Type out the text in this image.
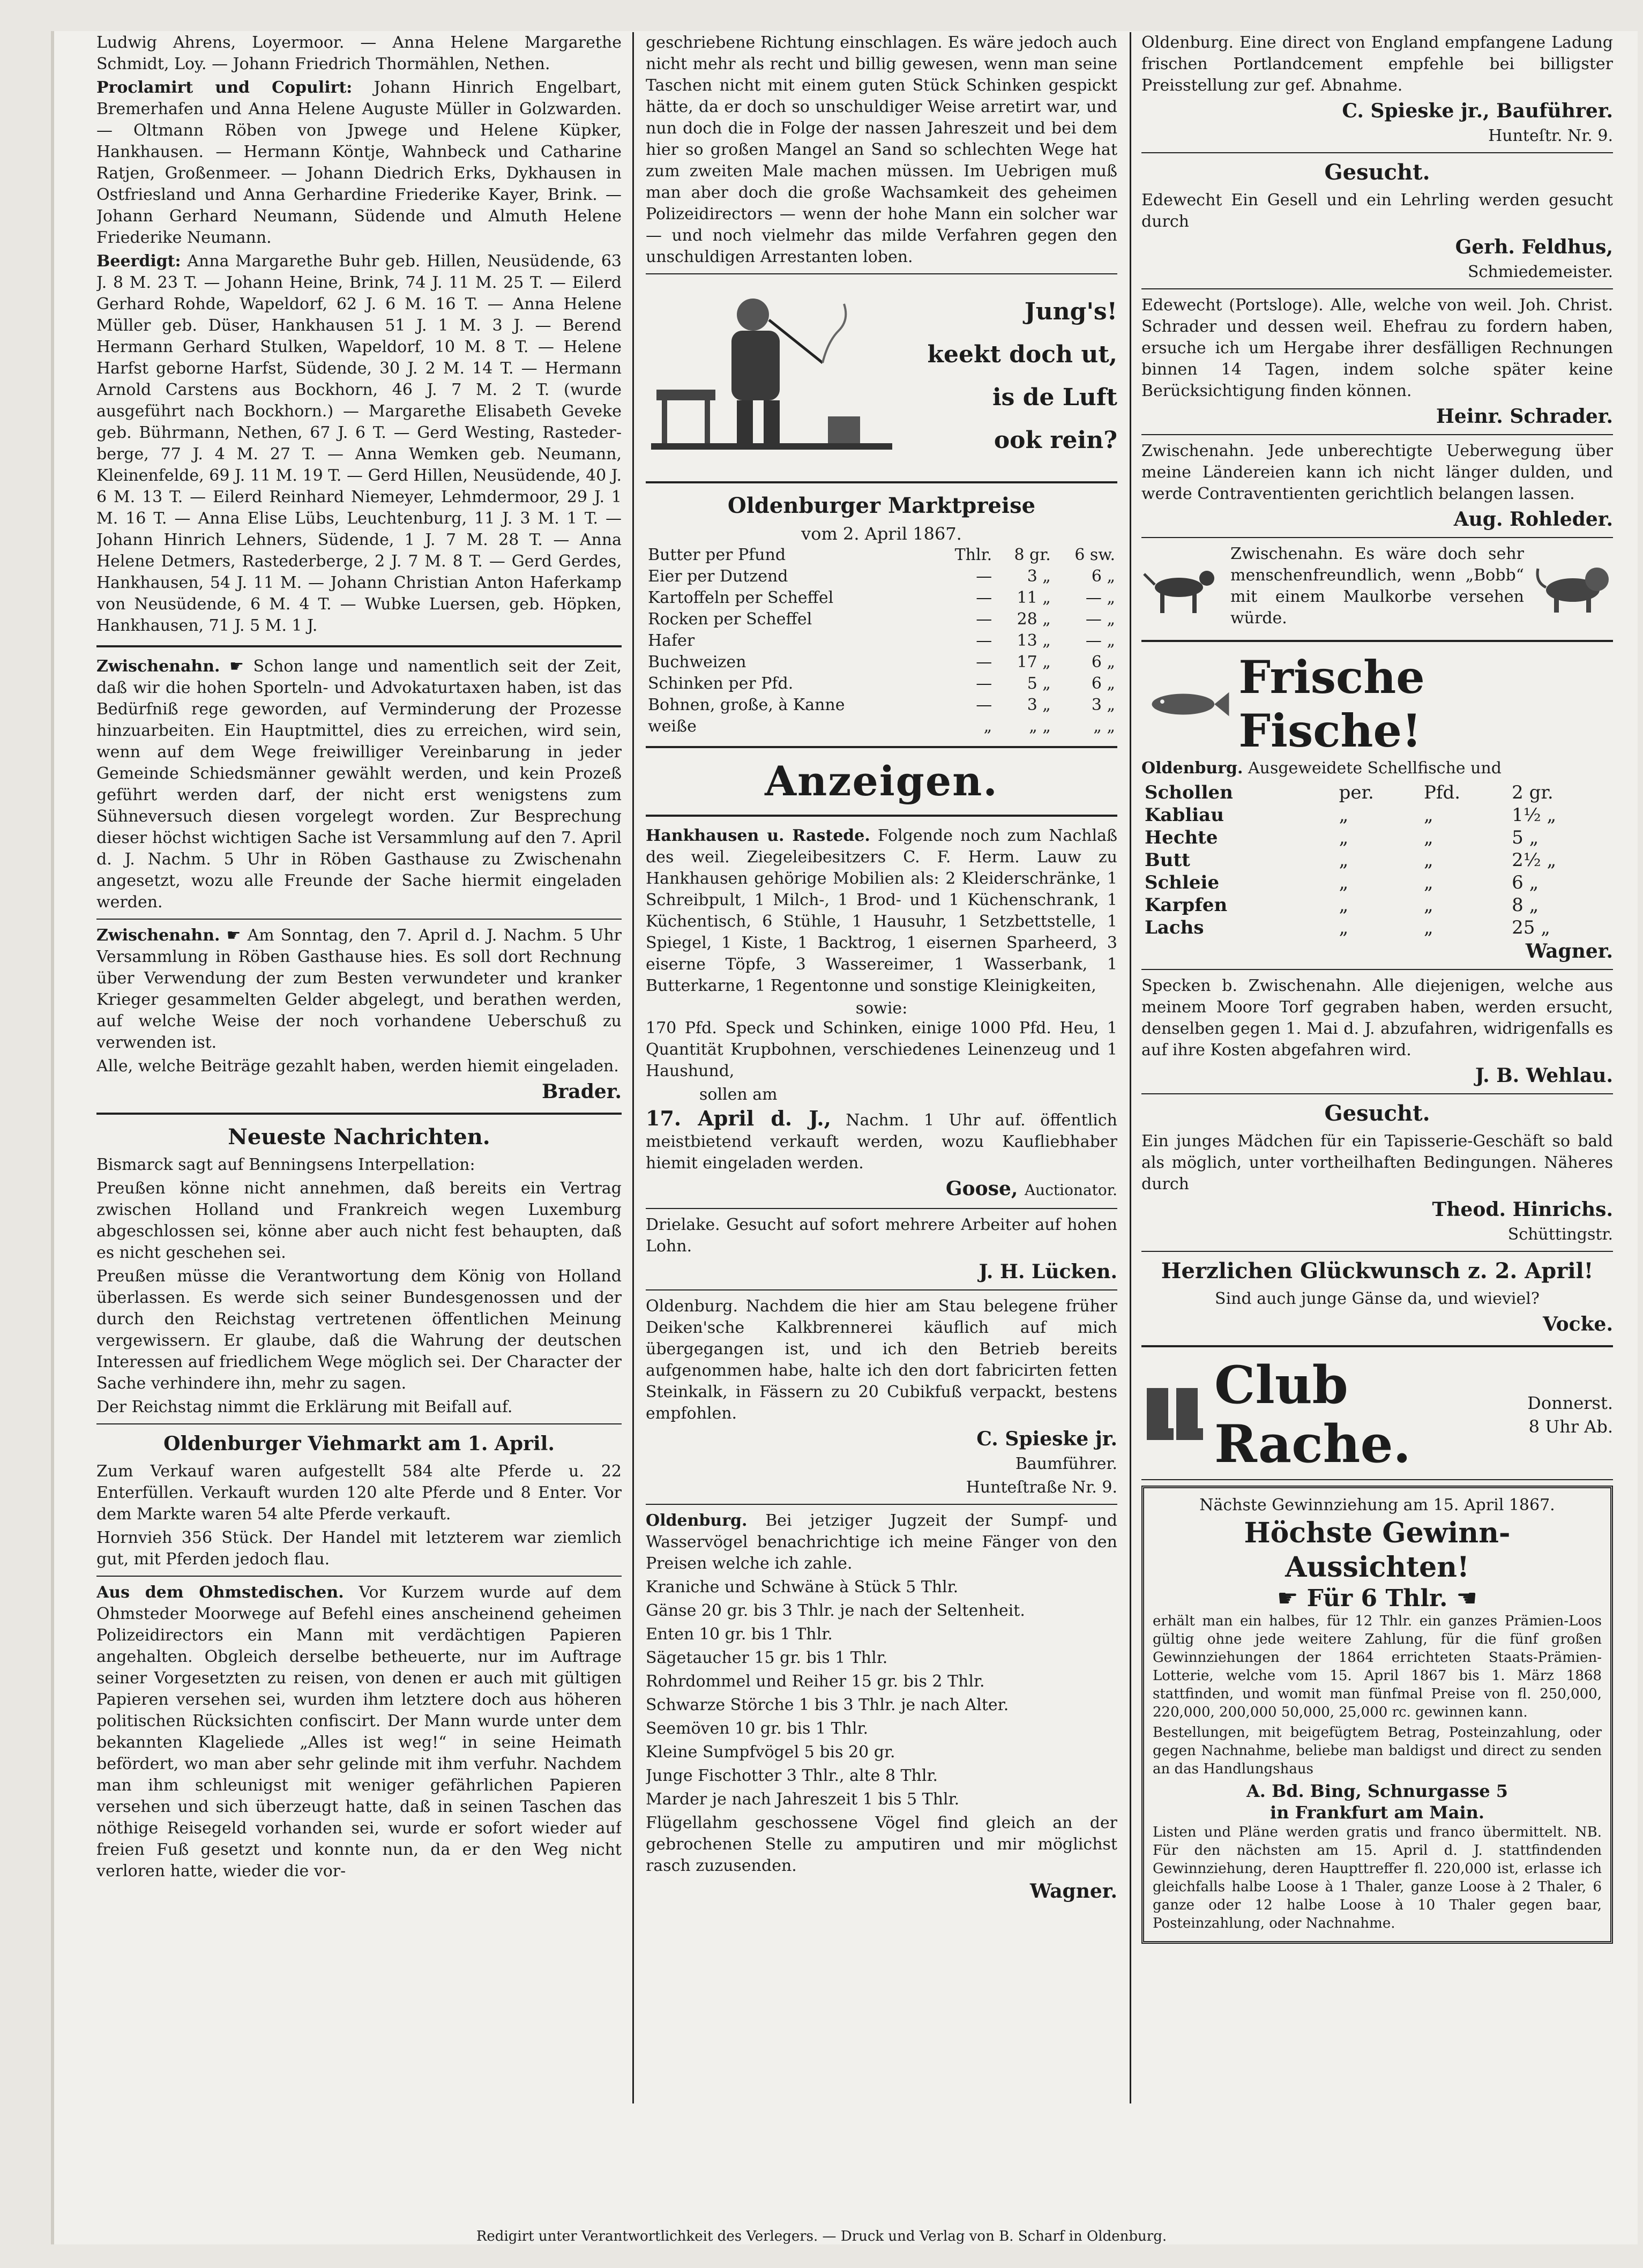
Ludwig Ahrens, Loyermoor. — Anna Helene Margarethe Schmidt, Loy. — Johann Friedrich Thormählen, Nethen.

Proclamirt und Copulirt: Johann Hinrich Engelbart, Bremerhafen und Anna Helene Auguste Müller in Golzwarden. — Oltmann Röben von Jpwege und Helene Küpker, Hankhausen. — Hermann Köntje, Wahnbeck und Catharine Ratjen, Großenmeer. — Johann Diedrich Erks, Dykhausen in Ostfriesland und Anna Gerhardine Friederike Kayer, Brink. — Johann Gerhard Neumann, Südende und Almuth Helene Friederike Neumann.

Beerdigt: Anna Margarethe Buhr geb. Hillen, Neusüdende, 63 J. 8 M. 23 T. — Johann Heine, Brink, 74 J. 11 M. 25 T. — Eilerd Gerhard Rohde, Wapeldorf, 62 J. 6 M. 16 T. — Anna Helene Müller geb. Düser, Hankhausen 51 J. 1 M. 3 J. — Berend Hermann Gerhard Stulken, Wapeldorf, 10 M. 8 T. — Helene Harfst geborne Harfst, Südende, 30 J. 2 M. 14 T. — Hermann Arnold Carstens aus Bockhorn, 46 J. 7 M. 2 T. (wurde ausgeführt nach Bockhorn.) — Margarethe Elisabeth Geveke geb. Bührmann, Nethen, 67 J. 6 T. — Gerd Westing, Rasteder-berge, 77 J. 4 M. 27 T. — Anna Wemken geb. Neumann, Kleinenfelde, 69 J. 11 M. 19 T. — Gerd Hillen, Neusüdende, 40 J. 6 M. 13 T. — Eilerd Reinhard Niemeyer, Lehmdermoor, 29 J. 1 M. 16 T. — Anna Elise Lübs, Leuchtenburg, 11 J. 3 M. 1 T. — Johann Hinrich Lehners, Südende, 1 J. 7 M. 28 T. — Anna Helene Detmers, Rastederberge, 2 J. 7 M. 8 T. — Gerd Gerdes, Hankhausen, 54 J. 11 M. — Johann Christian Anton Haferkamp von Neusüdende, 6 M. 4 T. — Wubke Luersen, geb. Höpken, Hankhausen, 71 J. 5 M. 1 J.

Zwischenahn. ☛ Schon lange und namentlich seit der Zeit, daß wir die hohen Sporteln- und Advokaturtaxen haben, ist das Bedürfniß rege geworden, auf Verminderung der Prozesse hinzuarbeiten. Ein Hauptmittel, dies zu erreichen, wird sein, wenn auf dem Wege freiwilliger Vereinbarung in jeder Gemeinde Schiedsmänner gewählt werden, und kein Prozeß geführt werden darf, der nicht erst wenigstens zum Sühneversuch diesen vorgelegt worden. Zur Besprechung dieser höchst wichtigen Sache ist Versammlung auf den 7. April d. J. Nachm. 5 Uhr in Röben Gasthause zu Zwischenahn angesetzt, wozu alle Freunde der Sache hiermit eingeladen werden.

Zwischenahn. ☛ Am Sonntag, den 7. April d. J. Nachm. 5 Uhr Versammlung in Röben Gasthause hies. Es soll dort Rechnung über Verwendung der zum Besten verwundeter und kranker Krieger gesammelten Gelder abgelegt, und berathen werden, auf welche Weise der noch vorhandene Ueberschuß zu verwenden ist.

Alle, welche Beiträge gezahlt haben, werden hiemit eingeladen.

Brader.

Neueste Nachrichten.

Bismarck sagt auf Benningsens Interpellation:

Preußen könne nicht annehmen, daß bereits ein Vertrag zwischen Holland und Frankreich wegen Luxemburg abgeschlossen sei, könne aber auch nicht fest behaupten, daß es nicht geschehen sei.

Preußen müsse die Verantwortung dem König von Holland überlassen. Es werde sich seiner Bundesgenossen und der durch den Reichstag vertretenen öffentlichen Meinung vergewissern. Er glaube, daß die Wahrung der deutschen Interessen auf friedlichem Wege möglich sei. Der Character der Sache verhindere ihn, mehr zu sagen.

Der Reichstag nimmt die Erklärung mit Beifall auf.

Oldenburger Viehmarkt am 1. April.

Zum Verkauf waren aufgestellt 584 alte Pferde u. 22 Enterfüllen. Verkauft wurden 120 alte Pferde und 8 Enter. Vor dem Markte waren 54 alte Pferde verkauft.

Hornvieh 356 Stück. Der Handel mit letzterem war ziemlich gut, mit Pferden jedoch flau.

Aus dem Ohmstedischen. Vor Kurzem wurde auf dem Ohmsteder Moorwege auf Befehl eines anscheinend geheimen Polizeidirectors ein Mann mit verdächtigen Papieren angehalten. Obgleich derselbe betheuerte, nur im Auftrage seiner Vorgesetzten zu reisen, von denen er auch mit gültigen Papieren versehen sei, wurden ihm letztere doch aus höheren politischen Rücksichten confiscirt. Der Mann wurde unter dem bekannten Klageliede „Alles ist weg!“ in seine Heimath befördert, wo man aber sehr gelinde mit ihm verfuhr. Nachdem man ihm schleunigst mit weniger gefährlichen Papieren versehen und sich überzeugt hatte, daß in seinen Taschen das nöthige Reisegeld vorhanden sei, wurde er sofort wieder auf freien Fuß gesetzt und konnte nun, da er den Weg nicht verloren hatte, wieder die vor-

geschriebene Richtung einschlagen. Es wäre jedoch auch nicht mehr als recht und billig gewesen, wenn man seine Taschen nicht mit einem guten Stück Schinken gespickt hätte, da er doch so unschuldiger Weise arretirt war, und nun doch die in Folge der nassen Jahreszeit und bei dem hier so großen Mangel an Sand so schlechten Wege hat zum zweiten Male machen müssen. Im Uebrigen muß man aber doch die große Wachsamkeit des geheimen Polizeidirectors — wenn der hohe Mann ein solcher war — und noch vielmehr das milde Verfahren gegen den unschuldigen Arrestanten loben.

Jung's!
keekt doch ut,
is de Luft
ook rein?
Oldenburger Marktpreise
vom 2. April 1867.
Butter per Pfund	Thlr.	8 gr.	6 sw.
Eier per Dutzend	—	3 „	6 „
Kartoffeln per Scheffel	—	11 „	— „
Rocken per Scheffel	—	28 „	— „
Hafer	—	13 „	— „
Buchweizen	—	17 „	6 „
Schinken per Pfd.	—	5 „	6 „
Bohnen, große, à Kanne	—	3 „	3 „
weiße	„	„ „	„ „
Anzeigen.

Hankhausen u. Rastede. Folgende noch zum Nachlaß des weil. Ziegeleibesitzers C. F. Herm. Lauw zu Hankhausen gehörige Mobilien als: 2 Kleiderschränke, 1 Schreibpult, 1 Milch-, 1 Brod- und 1 Küchenschrank, 1 Küchentisch, 6 Stühle, 1 Hausuhr, 1 Setzbettstelle, 1 Spiegel, 1 Kiste, 1 Backtrog, 1 eisernen Sparheerd, 3 eiserne Töpfe, 3 Wassereimer, 1 Wasserbank, 1 Butterkarne, 1 Regentonne und sonstige Kleinigkeiten,

sowie:

170 Pfd. Speck und Schinken, einige 1000 Pfd. Heu, 1 Quantität Krupbohnen, verschiedenes Leinenzeug und 1 Haushund,

sollen am

17. April d. J., Nachm. 1 Uhr auf. öffentlich meistbietend verkauft werden, wozu Kaufliebhaber hiemit eingeladen werden.

Goose, Auctionator.

Drielake. Gesucht auf sofort mehrere Arbeiter auf hohen Lohn.

J. H. Lücken.

Oldenburg. Nachdem die hier am Stau belegene früher Deiken'sche Kalkbrennerei käuflich auf mich übergegangen ist, und ich den Betrieb bereits aufgenommen habe, halte ich den dort fabricirten fetten Steinkalk, in Fässern zu 20 Cubikfuß verpackt, bestens empfohlen.

C. Spieske jr.

Baumführer.

Hunteſtraße Nr. 9.

Oldenburg. Bei jetziger Jugzeit der Sumpf- und Wasservögel benachrichtige ich meine Fänger von den Preisen welche ich zahle.

Kraniche und Schwäne à Stück 5 Thlr.

Gänse 20 gr. bis 3 Thlr. je nach der Seltenheit.

Enten 10 gr. bis 1 Thlr.

Sägetaucher 15 gr. bis 1 Thlr.

Rohrdommel und Reiher 15 gr. bis 2 Thlr.

Schwarze Störche 1 bis 3 Thlr. je nach Alter.

Seemöven 10 gr. bis 1 Thlr.

Kleine Sumpfvögel 5 bis 20 gr.

Junge Fischotter 3 Thlr., alte 8 Thlr.

Marder je nach Jahreszeit 1 bis 5 Thlr.

Flügellahm geschossene Vögel find gleich an der gebrochenen Stelle zu amputiren und mir möglichst rasch zuzusenden.

Wagner.

Oldenburg. Eine direct von England empfangene Ladung frischen Portlandcement empfehle bei billigster Preisstellung zur gef. Abnahme.

C. Spieske jr., Bauführer.

Hunteſtr. Nr. 9.

Gesucht.

Edewecht Ein Gesell und ein Lehrling werden gesucht durch

Gerh. Feldhus,

Schmiedemeister.

Edewecht (Portsloge). Alle, welche von weil. Joh. Christ. Schrader und dessen weil. Ehefrau zu fordern haben, ersuche ich um Hergabe ihrer desfälligen Rechnungen binnen 14 Tagen, indem solche später keine Berücksichtigung finden können.

Heinr. Schrader.

Zwischenahn. Jede unberechtigte Ueberwegung über meine Ländereien kann ich nicht länger dulden, und werde Contraventienten gerichtlich belangen lassen.

Aug. Rohleder.

Zwischenahn. Es wäre doch sehr menschenfreundlich, wenn „Bobb“ mit einem Maulkorbe versehen würde.

Frische Fische!

Oldenburg. Ausgeweidete Schellfische und

Schollen	per.	Pfd.	2 gr.
Kabliau	„	„	1½ „
Hechte	„	„	5 „
Butt	„	„	2½ „
Schleie	„	„	6 „
Karpfen	„	„	8 „
Lachs	„	„	25 „

Wagner.

Specken b. Zwischenahn. Alle diejenigen, welche aus meinem Moore Torf gegraben haben, werden ersucht, denselben gegen 1. Mai d. J. abzufahren, widrigenfalls es auf ihre Kosten abgefahren wird.

J. B. Wehlau.

Gesucht.

Ein junges Mädchen für ein Tapisserie-Geschäft so bald als möglich, unter vortheilhaften Bedingungen. Näheres durch

Theod. Hinrichs.

Schüttingstr.

Herzlichen Glückwunsch z. 2. April!

Sind auch junge Gänse da, und wieviel?

Vocke.

Club Rache.
Donnerst.
8 Uhr Ab.
Nächste Gewinnziehung am 15. April 1867.
Höchste Gewinn-Aussichten!
☛ Für 6 Thlr. ☚

erhält man ein halbes, für 12 Thlr. ein ganzes Prämien-Loos gültig ohne jede weitere Zahlung, für die fünf großen Gewinnziehungen der 1864 errichteten Staats-Prämien-Lotterie, welche vom 15. April 1867 bis 1. März 1868 stattfinden, und womit man fünfmal Preise von fl. 250,000, 220,000, 200,000 50,000, 25,000 rc. gewinnen kann.

Bestellungen, mit beigefügtem Betrag, Posteinzahlung, oder gegen Nachnahme, beliebe man baldigst und direct zu senden an das Handlungshaus

A. Bd. Bing, Schnurgasse 5
in Frankfurt am Main.

Listen und Pläne werden gratis und franco übermittelt. NB. Für den nächsten am 15. April d. J. stattfindenden Gewinnziehung, deren Haupttreffer fl. 220,000 ist, erlasse ich gleichfalls halbe Loose à 1 Thaler, ganze Loose à 2 Thaler, 6 ganze oder 12 halbe Loose à 10 Thaler gegen baar, Posteinzahlung, oder Nachnahme.

Redigirt unter Verantwortlichkeit des Verlegers. — Druck und Verlag von B. Scharf in Oldenburg.
